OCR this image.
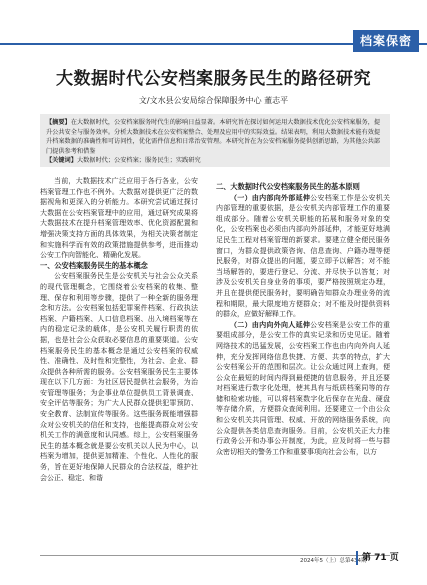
档案保密
大数据时代公安档案服务民生的路径研究
文/文水县公安局综合保障服务中心 董志平
【摘要】在大数据时代，公安档案服务时代生的影响日益显著。本研究旨在探讨如何运用大数据技术优化公安档案服务，提升公共安全与服务效率。分析大数据技术在公安档案整合、处理及应用中的实际效益。结果表明，利用大数据技术能有效提升档案数据的准确性和可访问性，优化需件信息和日常治安管理。本研究旨在为公安档案服务提供创新思路，为其他公共部门提供参考和借鉴
【关键词】大数据时代；公安档案；服务民生；实践研究

当前，大数据技术广泛应用于各行各业，公安档案管理工作也不例外。大数据对提供更广泛的数据视角和更深入的分析能力。本研究尝试通过探讨大数据在公安档案管理中的应用，通过研究成果将大数据技术在提升档案管理效率、优化资源配置和增强决策支持方面的具体效果，为相关决策者制定和实施科学而有效的政策措施提供参考，进而推动公安工作向智能化、精确化发展。

一、公安档案服务民生的基本概念

公安档案服务民生是公安机关与社会公众关系的现代管理概念，它围绕着公安档案的收集、整理、保存和利用等步骤，提供了一种全新的服务理念和方法。公安档案包括犯罪案件档案、行政执法档案、户籍档案、人口信息档案、出入境档案等在内的稳定记录的载体，是公安机关履行职责的依据，也是社会公众获取必要信息的重要渠道。公安档案服务民生的基本概念是通过公安档案的权威性、准确性、及时性和完整性，为社会、企业、群众提供各种所需的服务。公安档案服务民生主要体现在以下几方面：为社区居民提供社会服务，为治安管理等服务；为企事业单位提供员工背景调查、安全评估等服务；为广大人民群众提供犯罪预防、安全教育、法制宣传等服务。这些服务既能增强群众对公安机关的信任和支持，也能提高群众对公安机关工作的满意度和认同感。综上，公安档案服务民生的基本概念就是要公安机关以人民为中心，以档案为增加，提供更加精准、个性化、人性化的服务，旨在更好地保障人民群众的合法权益，维护社会公正、稳定、和谐

二、大数据时代公安档案服务民生的基本原则

（一）由内部向外部延伸公安档案工作是公安机关内部管理的重要依据，是公安机关内部管理工作的重要组成部分。随着公安机关职能的拓展和服务对象的变化，公安档案也必须由内部向外部延伸，才能更好地满足民生工程对档案管理的新要求。要建立健全便民服务窗口，为群众提供政策咨询、信息查询、户籍办理等便民服务，对群众提出的问题，要立即予以解答；对不能当场解答的，要进行登记、分流、并尽快予以答复；对涉及公安机关自身业务的事项，要严格按照规定办理，并且在提供便民服务时，要明确告知群众办理业务的流程和期限，最大限度地方便群众；对不能及时提供资料的群众，应做好解释工作。

（二）由内向外向人延伸公安档案是公安工作的重要组成部分，是公安工作的真实记录和历史见证。随着网络技术的迅猛发展，公安档案工作也由内向外向人延伸，充分发挥网络信息快捷、方便、共享的特点，扩大公安档案公开的范围和层次。让公众通过网上查询，便公众在最短的时间内得到最便捷的信息服务，并且还要对档案进行数字化处理，使其具有与纸质档案同等的存储和检索功能，可以将档案数字化后保存在光盘、硬盘等存储介质，方便群众查阅利用。还要建立一个由公众和公安机关共同管理、权威、开放的网络服务系统，向公众提供各类信息查询服务。目前，公安机关正大力推行政务公开和办事公开制度，为此，应及时将一些与群众密切相关的警务工作和重要事项向社会公布，以方

2024年5（上）总第434期
第 71 页
